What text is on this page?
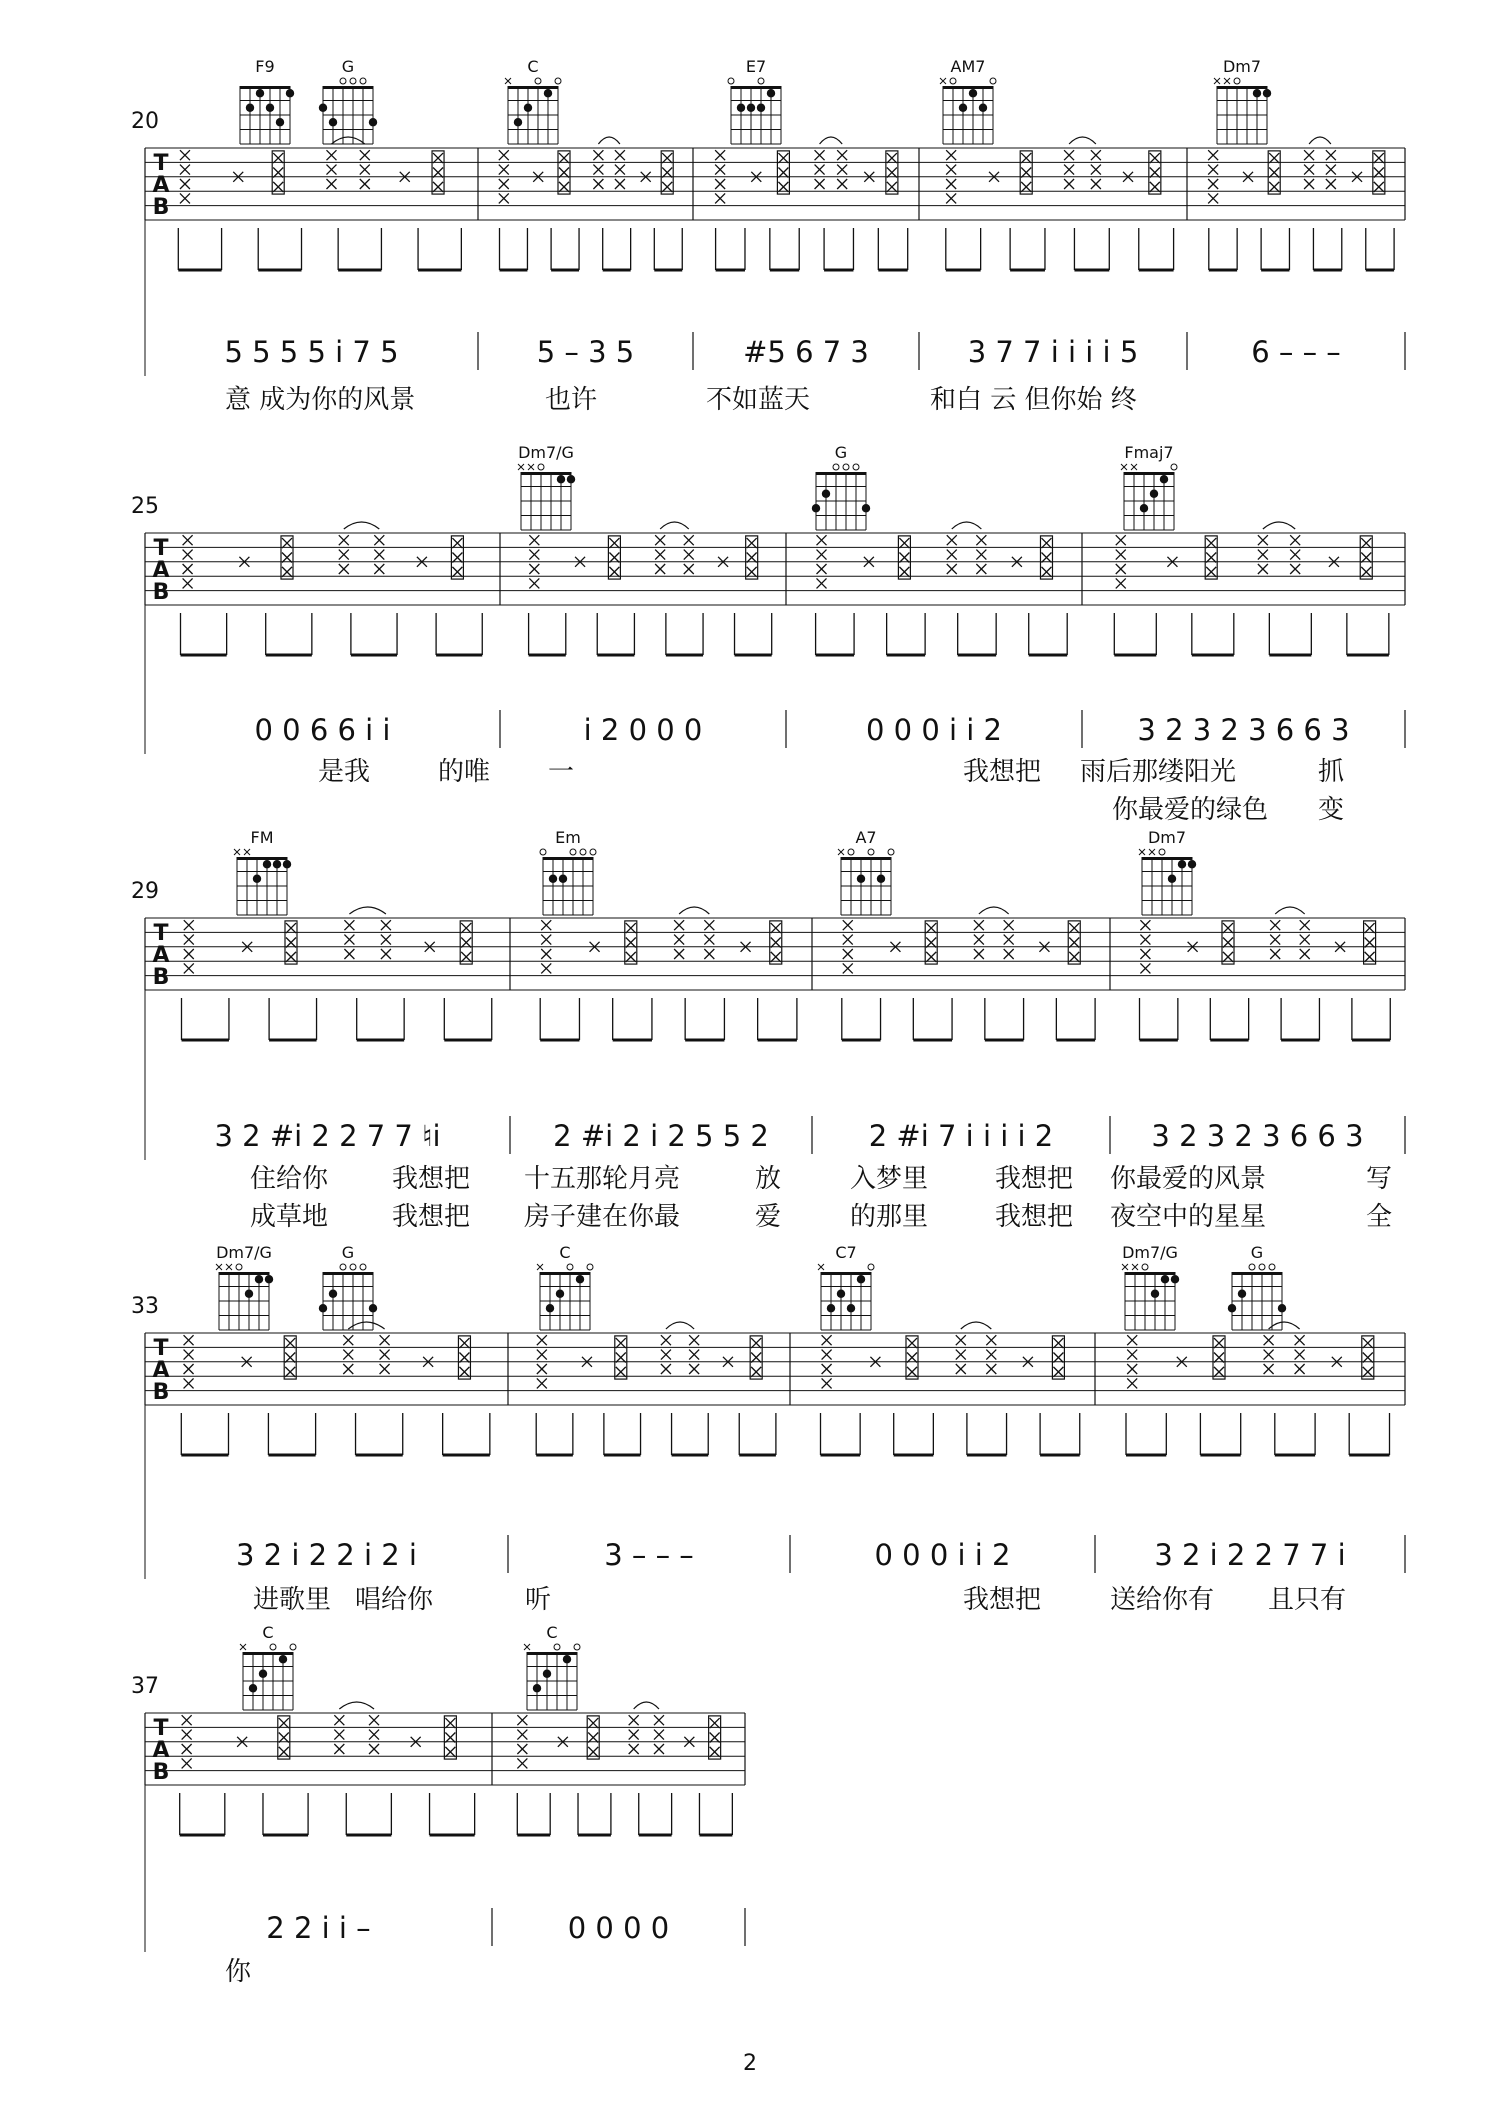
F9	G	C	E7	AM7	Dm7
T
A
B
20
5 5 5 5 i 7 5	5 – 3 5	#5 6 7 3	3 7 7 i i i i 5	6 – – –
意 成为你的风景	也许	不如蓝天	和白 云 但你始 终
Dm7/G	G	Fmaj7
T
A
B
25
0 0 6 6 i i	i 2 0 0 0	0 0 0 i i 2	3 2 3 2 3 6 6 3
是我	的唯 一	我想把 雨后那缕阳光	抓
你最爱的绿色 变
FM	Em	A7	Dm7
T
A
B
29
3 2 #i 2 2 7 7 ♮i	2 #i 2 i 2 5 5 2	2 #i 7 i i i i 2	3 2 3 2 3 6 6 3
住给你 我想把 十五那轮月亮	放	入梦里	我想把 你最爱的风景	写
成草地 我想把 房子建在你最	爱	的那里	我想把 夜空中的星星	全
Dm7/G	G	C	C7	Dm7/G	G
T
A
B
33
3 2 i 2 2 i 2 i	3 – – –	0 0 0 i i 2	3 2 i 2 2 7 7 i
进歌里 唱给你	听	我想把	送给你有 且只有
C	C
T
A
B
37
2 2 i i –	0 0 0 0
你
2
